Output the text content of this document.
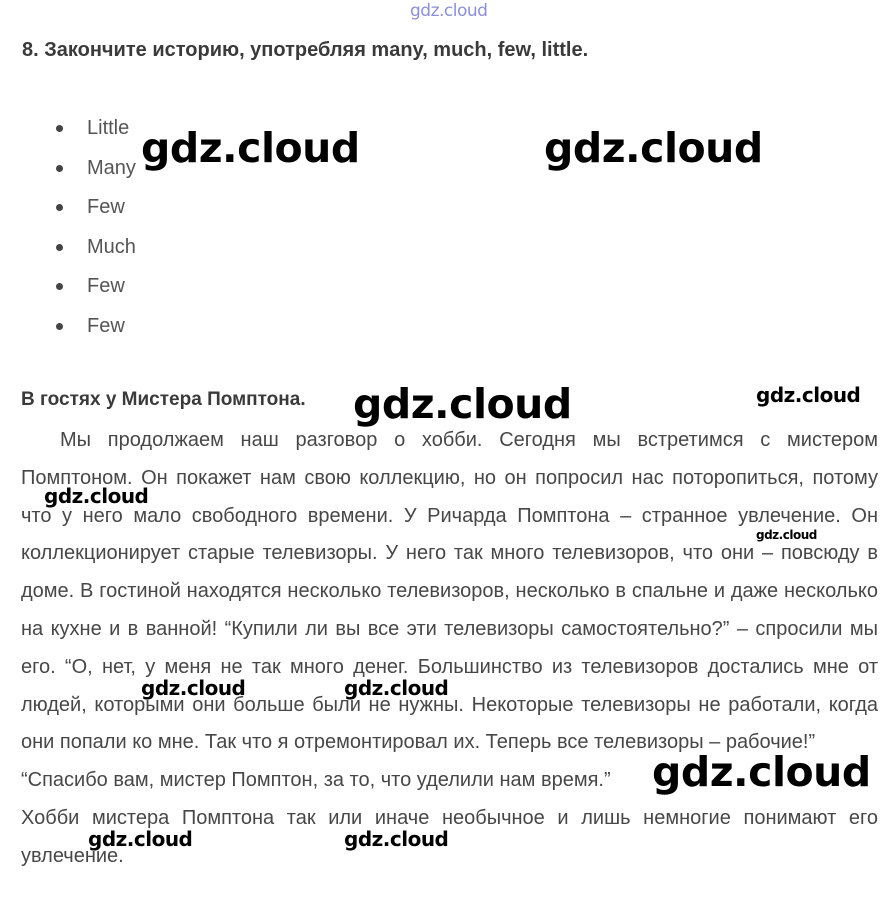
gdz.cloud
8. Закончите историю, употребляя many, much, few, little.
Little
Many
Few
Much
Few
Few
В гостях у Мистера Помптона.

Мы продолжаем наш разговор о хобби. Сегодня мы встретимся с мистером Помптоном. Он покажет нам свою коллекцию, но он попросил нас поторопиться, потому что у него мало свободного времени. У Ричарда Помптона – странное увлечение. Он коллекционирует старые телевизоры. У него так много телевизоров, что они – повсюду в доме. В гостиной находятся несколько телевизоров, несколько в спальне и даже несколько на кухне и в ванной! “Купили ли вы все эти телевизоры самостоятельно?” – спросили мы его. “О, нет, у меня не так много денег. Большинство из телевизоров достались мне от людей, которыми они больше были не нужны. Некоторые телевизоры не работали, когда они попали ко мне. Так что я отремонтировал их. Теперь все телевизоры – рабочие!”

“Спасибо вам, мистер Помптон, за то, что уделили нам время.”

Хобби мистера Помптона так или иначе необычное и лишь немногие понимают его увлечение.

gdz.cloud	gdz.cloud
gdz.cloud	gdz.cloud
gdz.cloud
gdz.cloud
gdz.cloud	gdz.cloud
gdz.cloud
gdz.cloud	gdz.cloud
